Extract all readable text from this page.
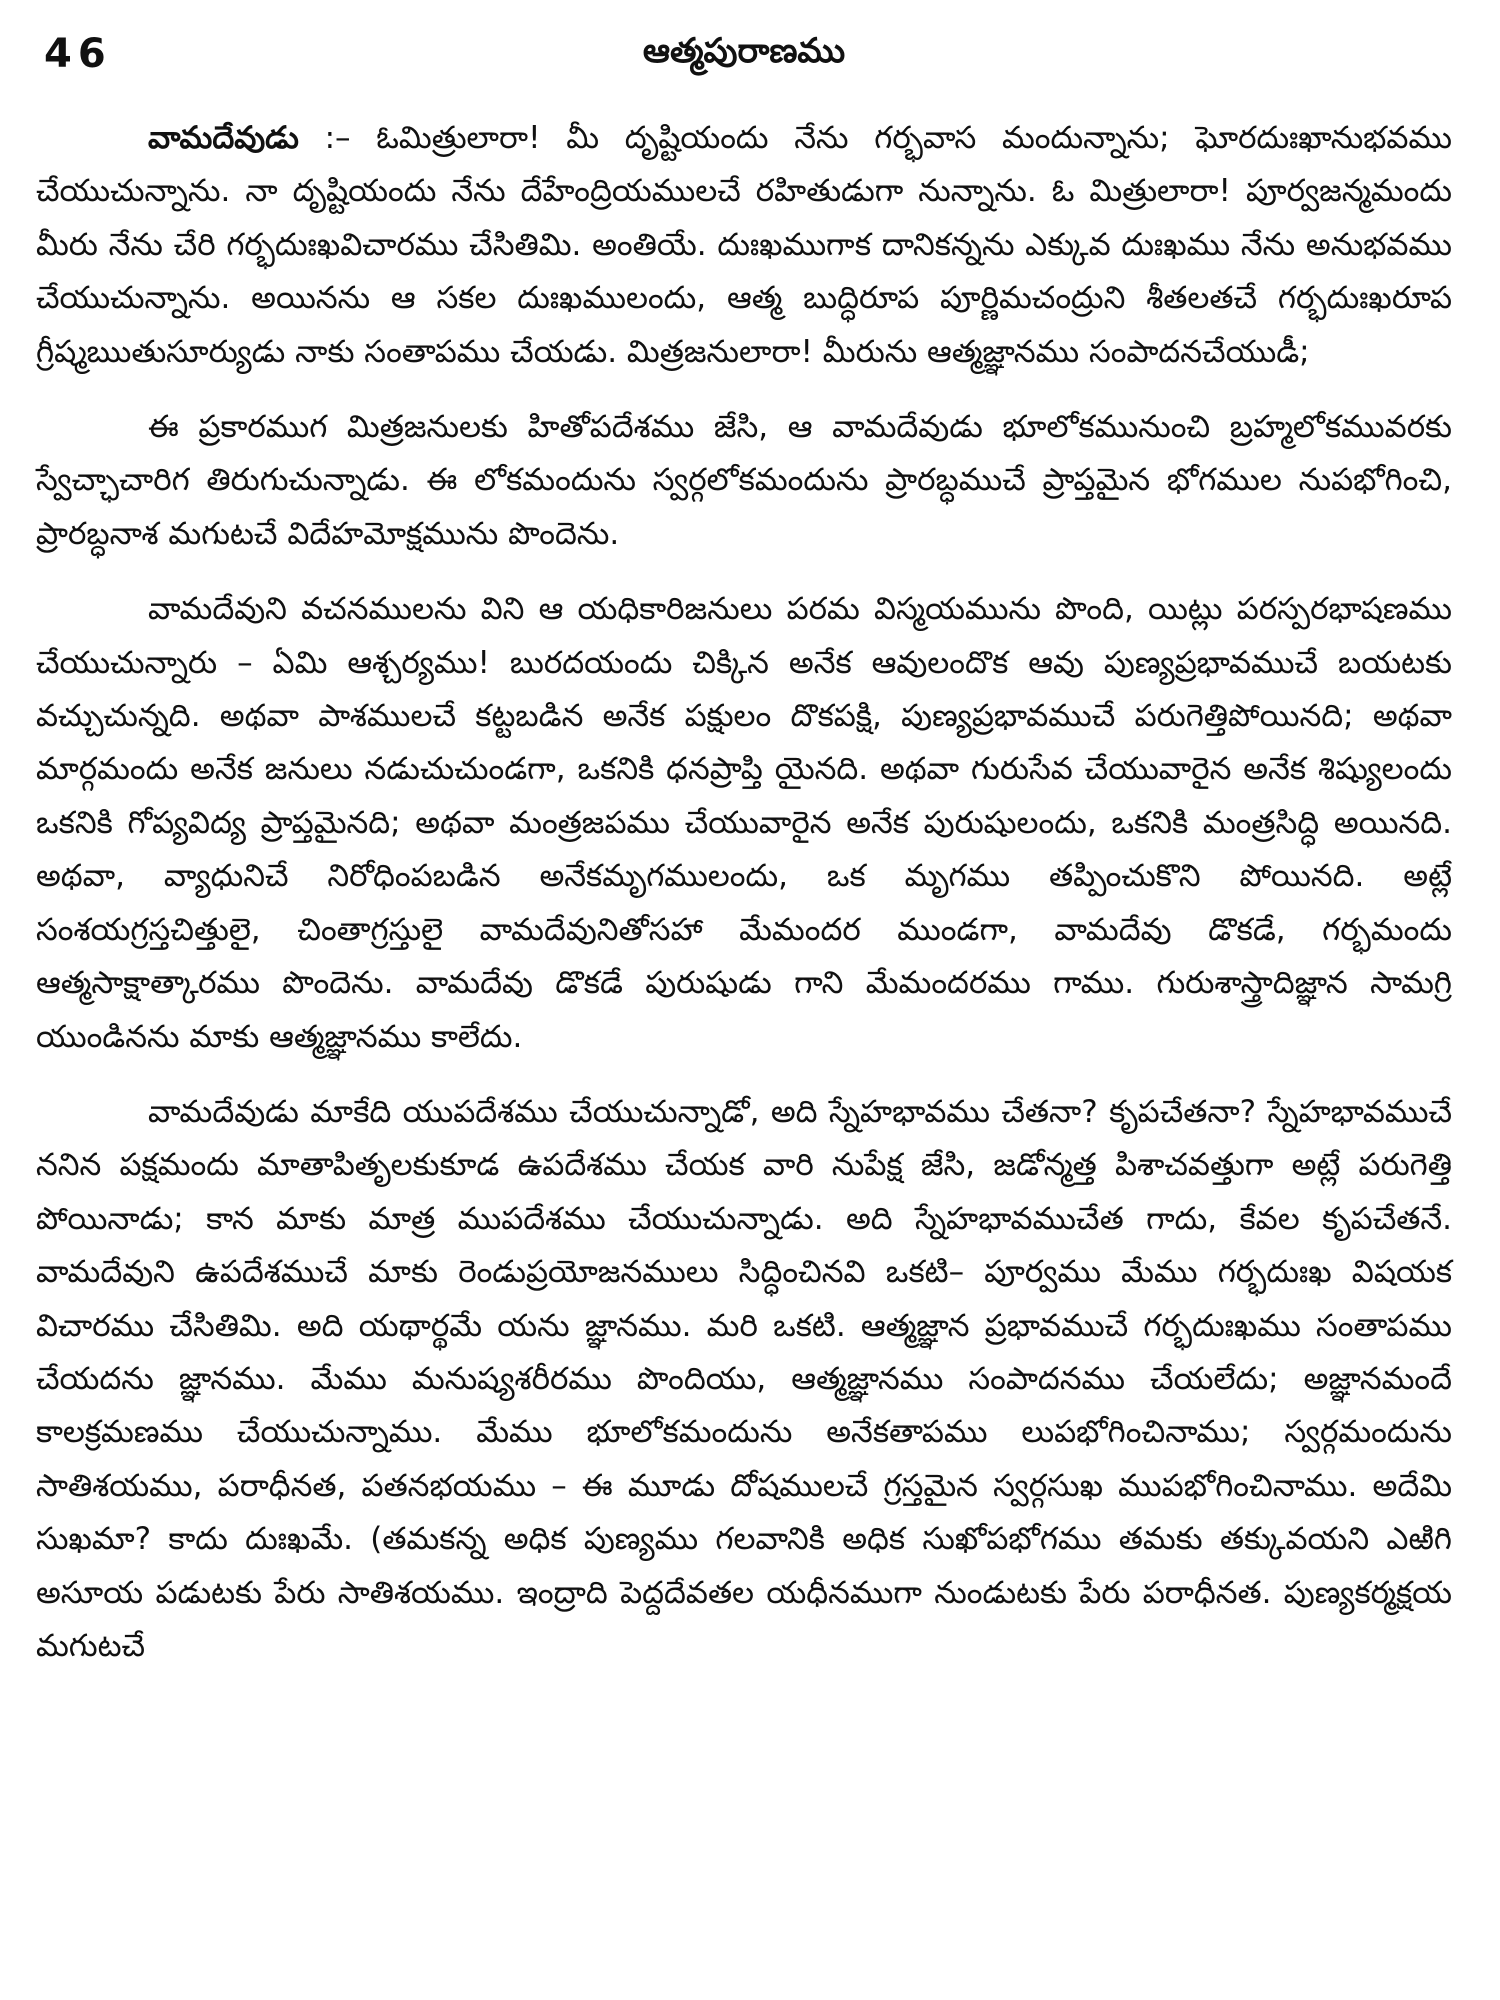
46	ఆత్మపురాణము

వామదేవుడు :– ఓమిత్రులారా! మీ దృష్టియందు నేను గర్భవాస మందున్నాను; ఘోరదుఃఖానుభవము చేయుచున్నాను. నా దృష్టియందు నేను దేహేంద్రియములచే రహితుడుగా నున్నాను. ఓ మిత్రులారా! పూర్వజన్మమందు మీరు నేను చేరి గర్భదుఃఖవిచారము చేసితిమి. అంతియే. దుఃఖముగాక దానికన్నను ఎక్కువ దుఃఖము నేను అనుభవము చేయుచున్నాను. అయినను ఆ సకల దుఃఖములందు, ఆత్మ బుద్ధిరూప పూర్ణిమచంద్రుని శీతలతచే గర్భదుఃఖరూప గ్రీష్మఋతుసూర్యుడు నాకు సంతాపము చేయడు. మిత్రజనులారా! మీరును ఆత్మజ్ఞానము సంపాదనచేయుడీ;

ఈ ప్రకారముగ మిత్రజనులకు హితోపదేశము జేసి, ఆ వామదేవుడు భూలోకమునుంచి బ్రహ్మలోకమువరకు స్వేచ్ఛాచారిగ తిరుగుచున్నాడు. ఈ లోకమందును స్వర్గలోకమందును ప్రారబ్ధముచే ప్రాప్తమైన భోగముల నుపభోగించి, ప్రారబ్ధనాశ మగుటచే విదేహమోక్షమును పొందెను.

వామదేవుని వచనములను విని ఆ యధికారిజనులు పరమ విస్మయమును పొంది, యిట్లు పరస్పరభాషణము చేయుచున్నారు – ఏమి ఆశ్చర్యము! బురదయందు చిక్కిన అనేక ఆవులందొక ఆవు పుణ్యప్రభావముచే బయటకు వచ్చుచున్నది. అథవా పాశములచే కట్టబడిన అనేక పక్షులం దొకపక్షి, పుణ్యప్రభావముచే పరుగెత్తిపోయినది; అథవా మార్గమందు అనేక జనులు నడుచుచుండగా, ఒకనికి ధనప్రాప్తి యైనది. అథవా గురుసేవ చేయువారైన అనేక శిష్యులందు ఒకనికి గోప్యవిద్య ప్రాప్తమైనది; అథవా మంత్రజపము చేయువారైన అనేక పురుషులందు, ఒకనికి మంత్రసిద్ధి అయినది. అథవా, వ్యాధునిచే నిరోధింపబడిన అనేకమృగములందు, ఒక మృగము తప్పించుకొని పోయినది. అట్లే సంశయగ్రస్తచిత్తులై, చింతాగ్రస్తులై వామదేవునితోసహా మేమందర ముండగా, వామదేవు డొకడే, గర్భమందు ఆత్మసాక్షాత్కారము పొందెను. వామదేవు డొకడే పురుషుడు గాని మేమందరము గాము. గురుశాస్త్రాదిజ్ఞాన సామగ్రి యుండినను మాకు ఆత్మజ్ఞానము కాలేదు.

వామదేవుడు మాకేది యుపదేశము చేయుచున్నాడో, అది స్నేహభావము చేతనా? కృపచేతనా? స్నేహభావముచే ననిన పక్షమందు మాతాపితృలకుకూడ ఉపదేశము చేయక వారి నుపేక్ష జేసి, జడోన్మత్త పిశాచవత్తుగా అట్లే పరుగెత్తి పోయినాడు; కాన మాకు మాత్ర ముపదేశము చేయుచున్నాడు. అది స్నేహభావముచేత గాదు, కేవల కృపచేతనే. వామదేవుని ఉపదేశముచే మాకు రెండుప్రయోజనములు సిద్ధించినవి ఒకటి– పూర్వము మేము గర్భదుఃఖ విషయక విచారము చేసితిమి. అది యథార్థమే యను జ్ఞానము. మరి ఒకటి. ఆత్మజ్ఞాన ప్రభావముచే గర్భదుఃఖము సంతాపము చేయదను జ్ఞానము. మేము మనుష్యశరీరము పొందియు, ఆత్మజ్ఞానము సంపాదనము చేయలేదు; అజ్ఞానమందే కాలక్రమణము చేయుచున్నాము. మేము భూలోకమందును అనేకతాపము లుపభోగించినాము; స్వర్గమందును సాతిశయము, పరాధీనత, పతనభయము – ఈ మూడు దోషములచే గ్రస్తమైన స్వర్గసుఖ ముపభోగించినాము. అదేమి సుఖమా? కాదు దుఃఖమే. (తమకన్న అధిక పుణ్యము గలవానికి అధిక సుఖోపభోగము తమకు తక్కువయని ఎఱిగి అసూయ పడుటకు పేరు సాతిశయము. ఇంద్రాది పెద్దదేవతల యధీనముగా నుండుటకు పేరు పరాధీనత. పుణ్యకర్మక్షయ మగుటచే
